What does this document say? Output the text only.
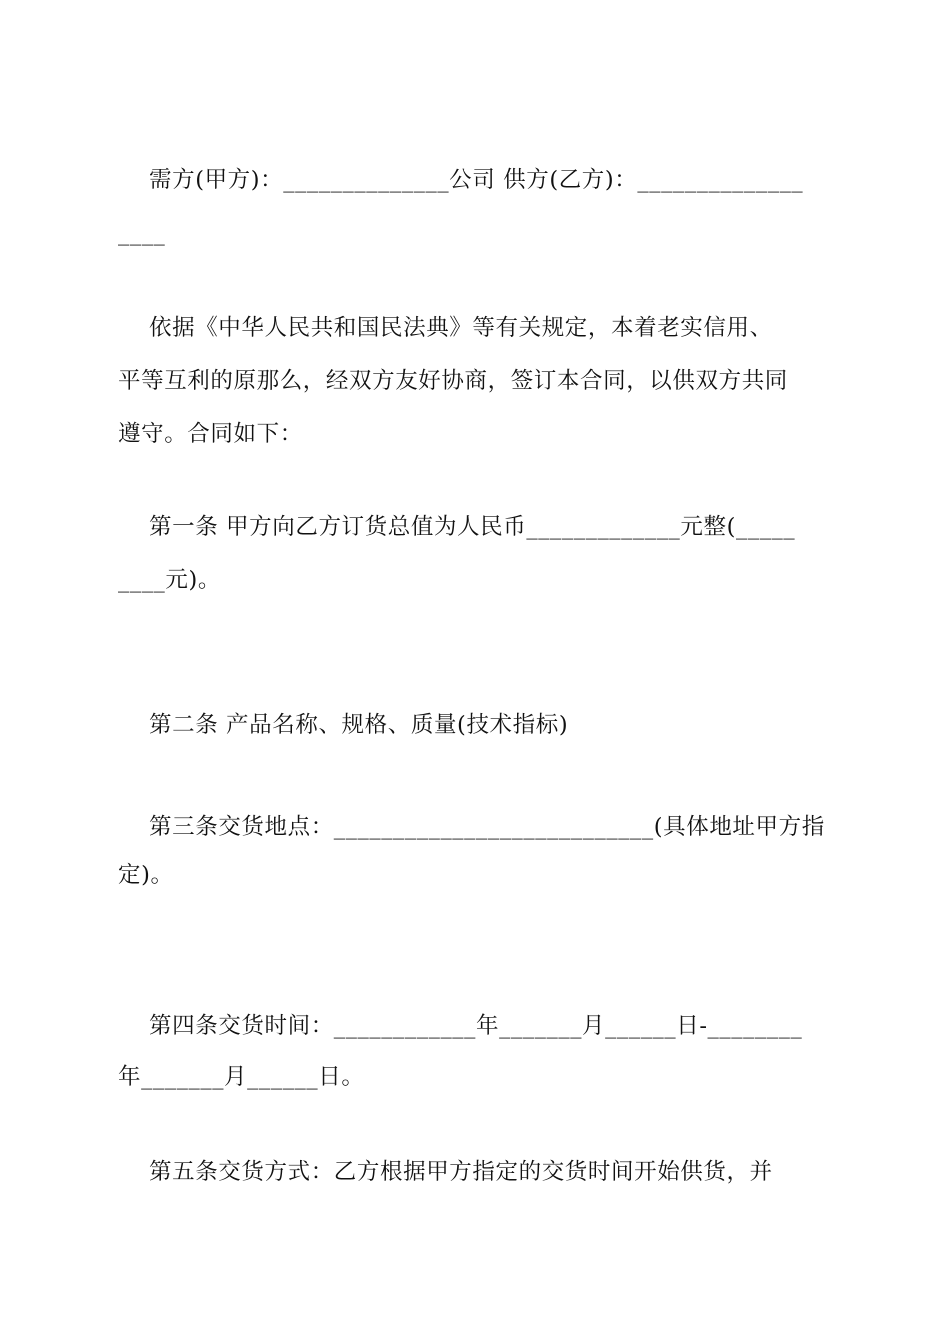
需方(甲方)：______________公司 供方(乙方)：______________
____
依据《中华人民共和国民法典》等有关规定，本着老实信用、
平等互利的原那么，经双方友好协商，签订本合同，以供双方共同
遵守。合同如下：
第一条 甲方向乙方订货总值为人民币_____________元整(_____
____元)。
第二条 产品名称、规格、质量(技术指标)
第三条交货地点：___________________________(具体地址甲方指
定)。
第四条交货时间：____________年_______月______日-________
年_______月______日。
第五条交货方式：乙方根据甲方指定的交货时间开始供货，并
